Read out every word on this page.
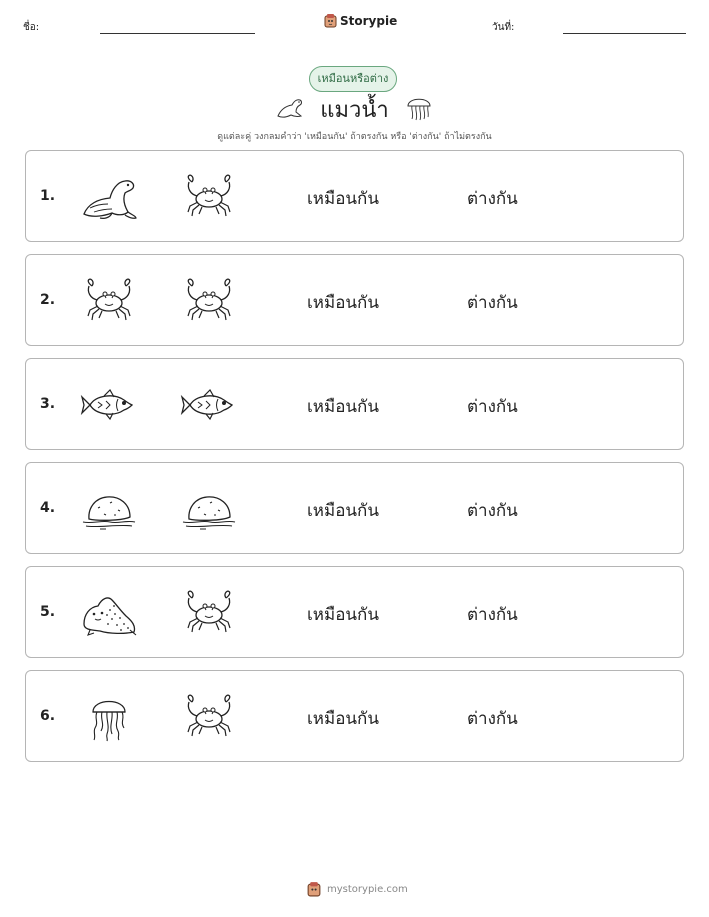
ชื่อ:	Storypie	วันที่:
เหมือนหรือต่าง
แมวน้ำ
ดูแต่ละคู่ วงกลมคำว่า 'เหมือนกัน' ถ้าตรงกัน หรือ 'ต่างกัน' ถ้าไม่ตรงกัน
1.	เหมือนกัน	ต่างกัน
2.	เหมือนกัน	ต่างกัน
3.	เหมือนกัน	ต่างกัน
4.	เหมือนกัน	ต่างกัน
5.	เหมือนกัน	ต่างกัน
6.	เหมือนกัน	ต่างกัน
mystorypie.com
